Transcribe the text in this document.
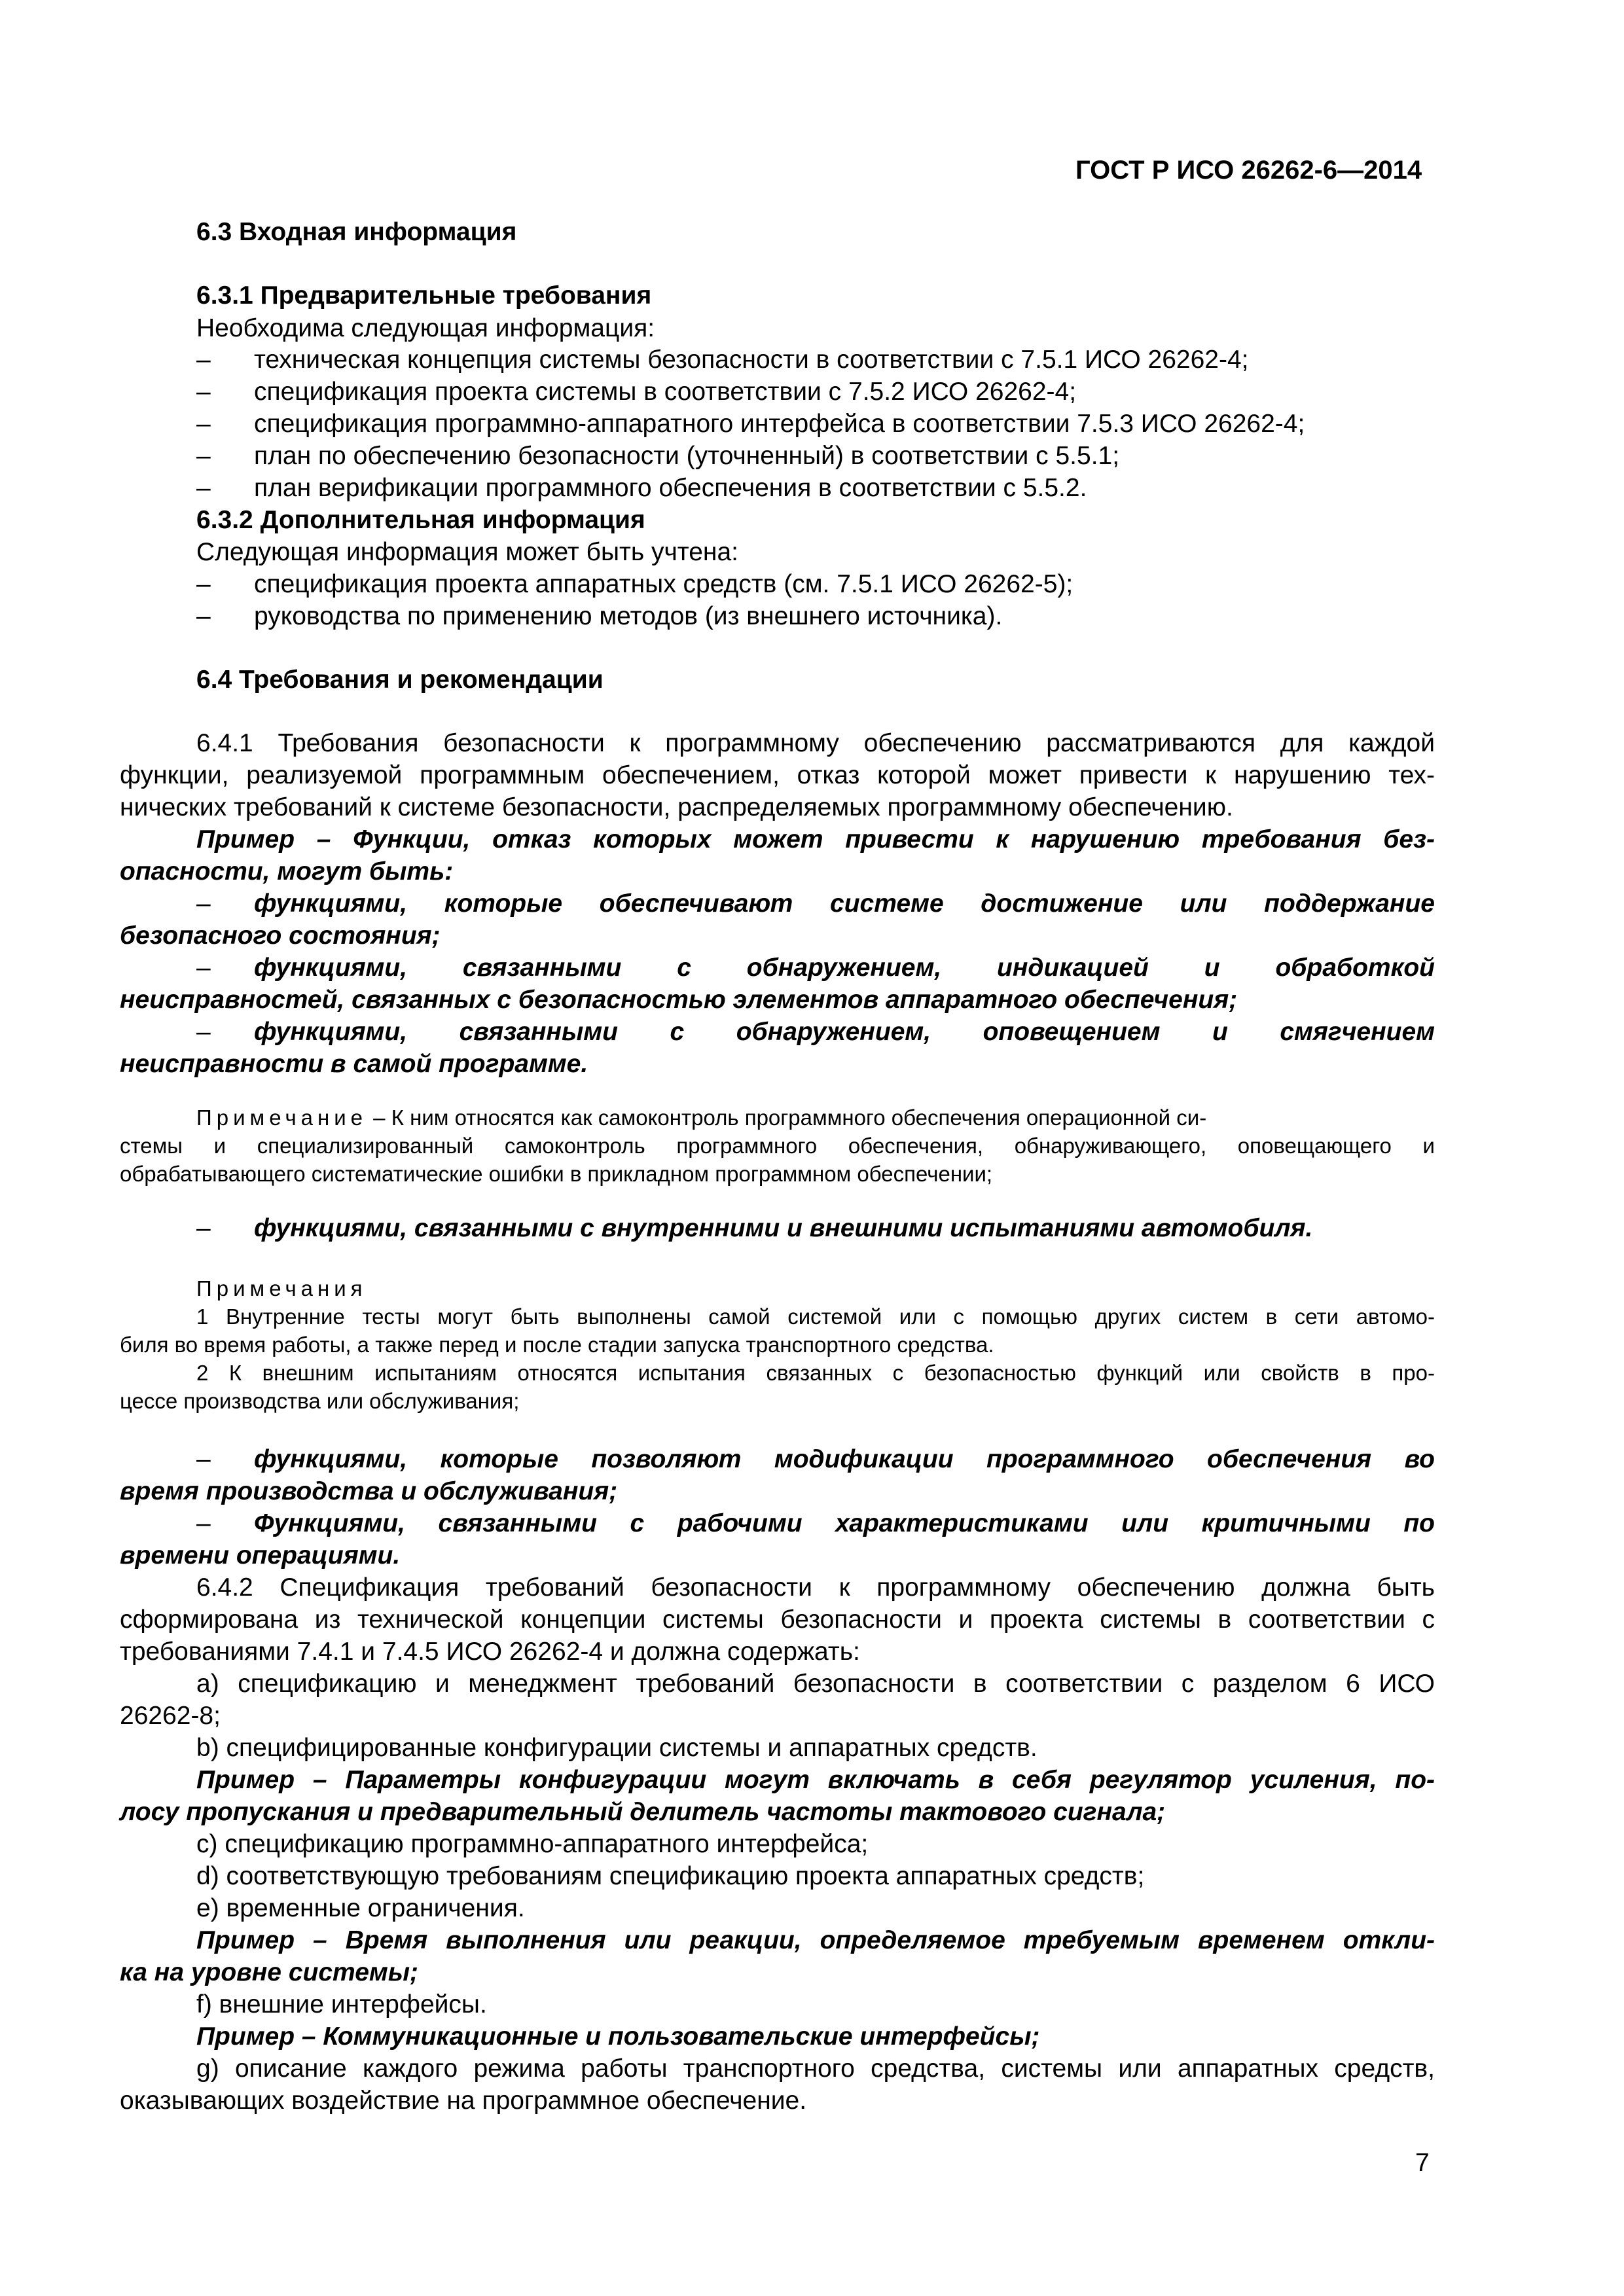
ГОСТ Р ИСО 26262-6—2014
6.3 Входная информация
6.3.1 Предварительные требования
Необходима следующая информация:
– техническая концепция системы безопасности в соответствии с 7.5.1 ИСО 26262-4;
– спецификация проекта системы в соответствии с 7.5.2 ИСО 26262-4;
– спецификация программно-аппаратного интерфейса в соответствии 7.5.3 ИСО 26262-4;
– план по обеспечению безопасности (уточненный) в соответствии с 5.5.1;
– план верификации программного обеспечения в соответствии с 5.5.2.
6.3.2 Дополнительная информация
Следующая информация может быть учтена:
– спецификация проекта аппаратных средств (см. 7.5.1 ИСО 26262-5);
– руководства по применению методов (из внешнего источника).
6.4 Требования и рекомендации
6.4.1 Требования безопасности к программному обеспечению рассматриваются для каждой
функции, реализуемой программным обеспечением, отказ которой может привести к нарушению тех-
нических требований к системе безопасности, распределяемых программному обеспечению.
Пример – Функции, отказ которых может привести к нарушению требования без-
опасности, могут быть:
– функциями, которые обеспечивают системе достижение или поддержание
безопасного состояния;
– функциями, связанными с обнаружением, индикацией и обработкой
неисправностей, связанных с безопасностью элементов аппаратного обеспечения;
– функциями, связанными с обнаружением, оповещением и смягчением
неисправности в самой программе.
Примечание – К ним относятся как самоконтроль программного обеспечения операционной си-
стемы и специализированный самоконтроль программного обеспечения, обнаруживающего, оповещающего и
обрабатывающего систематические ошибки в прикладном программном обеспечении;
– функциями, связанными с внутренними и внешними испытаниями автомобиля.
Примечания
1 Внутренние тесты могут быть выполнены самой системой или с помощью других систем в сети автомо-
биля во время работы, а также перед и после стадии запуска транспортного средства.
2 К внешним испытаниям относятся испытания связанных с безопасностью функций или свойств в про-
цессе производства или обслуживания;
– функциями, которые позволяют модификации программного обеспечения во
время производства и обслуживания;
– Функциями, связанными с рабочими характеристиками или критичными по
времени операциями.
6.4.2 Спецификация требований безопасности к программному обеспечению должна быть
сформирована из технической концепции системы безопасности и проекта системы в соответствии с
требованиями 7.4.1 и 7.4.5 ИСО 26262-4 и должна содержать:
а) спецификацию и менеджмент требований безопасности в соответствии с разделом 6 ИСО
26262-8;
b) специфицированные конфигурации системы и аппаратных средств.
Пример – Параметры конфигурации могут включать в себя регулятор усиления, по-
лосу пропускания и предварительный делитель частоты тактового сигнала;
с) спецификацию программно-аппаратного интерфейса;
d) соответствующую требованиям спецификацию проекта аппаратных средств;
е) временные ограничения.
Пример – Время выполнения или реакции, определяемое требуемым временем откли-
ка на уровне системы;
f) внешние интерфейсы.
Пример – Коммуникационные и пользовательские интерфейсы;
g) описание каждого режима работы транспортного средства, системы или аппаратных средств,
оказывающих воздействие на программное обеспечение.
7
